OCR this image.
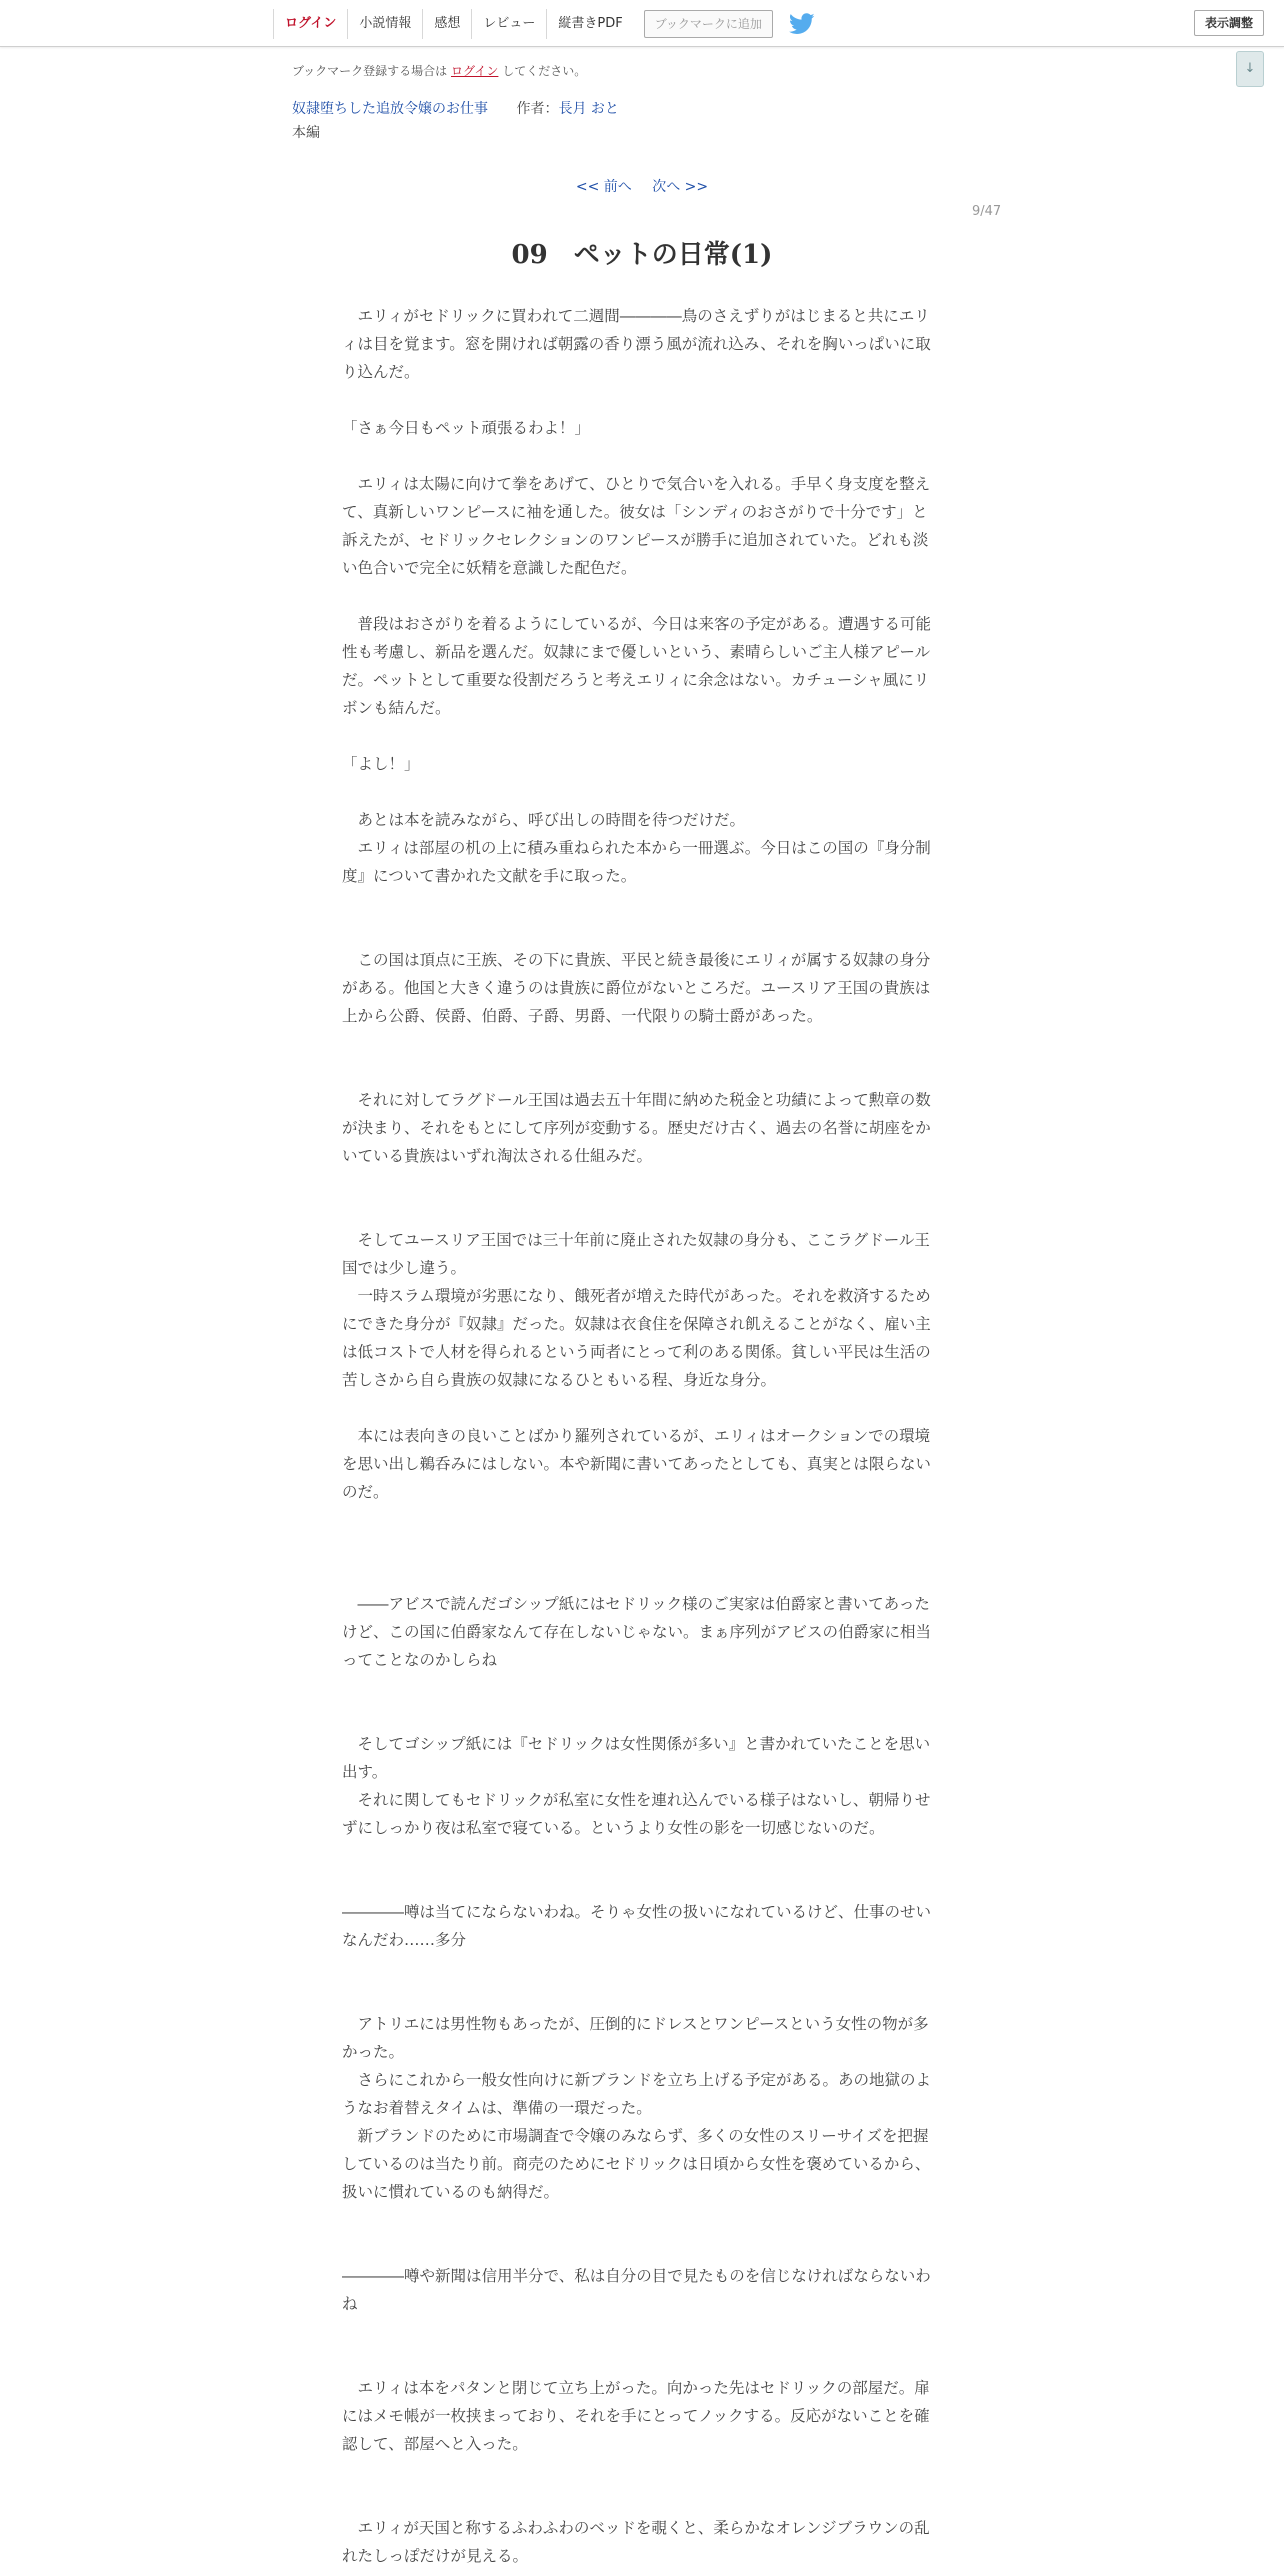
ログイン	小説情報	感想	レビュー	縦書きPDF	ブックマークに追加	表示調整
↓
ブックマーク登録する場合は ログイン してください。
奴隷堕ちした追放令嬢のお仕事 作者：長月 おと
本編
<< 前へ 次へ >>
9/47
09　ペットの日常(1)

　エリィがセドリックに買われて二週間――――鳥のさえずりがはじまると共にエリィは目を覚ます。窓を開ければ朝露の香り漂う風が流れ込み、それを胸いっぱいに取り込んだ。

「さぁ今日もペット頑張るわよ！」

　エリィは太陽に向けて拳をあげて、ひとりで気合いを入れる。手早く身支度を整えて、真新しいワンピースに袖を通した。彼女は「シンディのおさがりで十分です」と訴えたが、セドリックセレクションのワンピースが勝手に追加されていた。どれも淡い色合いで完全に妖精を意識した配色だ。

　普段はおさがりを着るようにしているが、今日は来客の予定がある。遭遇する可能性も考慮し、新品を選んだ。奴隷にまで優しいという、素晴らしいご主人様アピールだ。ペットとして重要な役割だろうと考えエリィに余念はない。カチューシャ風にリボンも結んだ。

「よし！」

　あとは本を読みながら、呼び出しの時間を待つだけだ。

　エリィは部屋の机の上に積み重ねられた本から一冊選ぶ。今日はこの国の『身分制度』について書かれた文献を手に取った。

　この国は頂点に王族、その下に貴族、平民と続き最後にエリィが属する奴隷の身分がある。他国と大きく違うのは貴族に爵位がないところだ。ユースリア王国の貴族は上から公爵、侯爵、伯爵、子爵、男爵、一代限りの騎士爵があった。

　それに対してラグドール王国は過去五十年間に納めた税金と功績によって勲章の数が決まり、それをもとにして序列が変動する。歴史だけ古く、過去の名誉に胡座をかいている貴族はいずれ淘汰される仕組みだ。

　そしてユースリア王国では三十年前に廃止された奴隷の身分も、ここラグドール王国では少し違う。

　一時スラム環境が劣悪になり、餓死者が増えた時代があった。それを救済するためにできた身分が『奴隷』だった。奴隷は衣食住を保障され飢えることがなく、雇い主は低コストで人材を得られるという両者にとって利のある関係。貧しい平民は生活の苦しさから自ら貴族の奴隷になるひともいる程、身近な身分。

　本には表向きの良いことばかり羅列されているが、エリィはオークションでの環境を思い出し鵜呑みにはしない。本や新聞に書いてあったとしても、真実とは限らないのだ。

　――アビスで読んだゴシップ紙にはセドリック様のご実家は伯爵家と書いてあったけど、この国に伯爵家なんて存在しないじゃない。まぁ序列がアビスの伯爵家に相当ってことなのかしらね

　そしてゴシップ紙には『セドリックは女性関係が多い』と書かれていたことを思い出す。

　それに関してもセドリックが私室に女性を連れ込んでいる様子はないし、朝帰りせずにしっかり夜は私室で寝ている。というより女性の影を一切感じないのだ。

――――噂は当てにならないわね。そりゃ女性の扱いになれているけど、仕事のせいなんだわ……多分

　アトリエには男性物もあったが、圧倒的にドレスとワンピースという女性の物が多かった。

　さらにこれから一般女性向けに新ブランドを立ち上げる予定がある。あの地獄のようなお着替えタイムは、準備の一環だった。

　新ブランドのために市場調査で令嬢のみならず、多くの女性のスリーサイズを把握しているのは当たり前。商売のためにセドリックは日頃から女性を褒めているから、扱いに慣れているのも納得だ。

――――噂や新聞は信用半分で、私は自分の目で見たものを信じなければならないわね

　エリィは本をパタンと閉じて立ち上がった。向かった先はセドリックの部屋だ。扉にはメモ帳が一枚挟まっており、それを手にとってノックする。反応がないことを確認して、部屋へと入った。

　エリィが天国と称するふわふわのベッドを覗くと、柔らかなオレンジブラウンの乱れたしっぽだけが見える。
